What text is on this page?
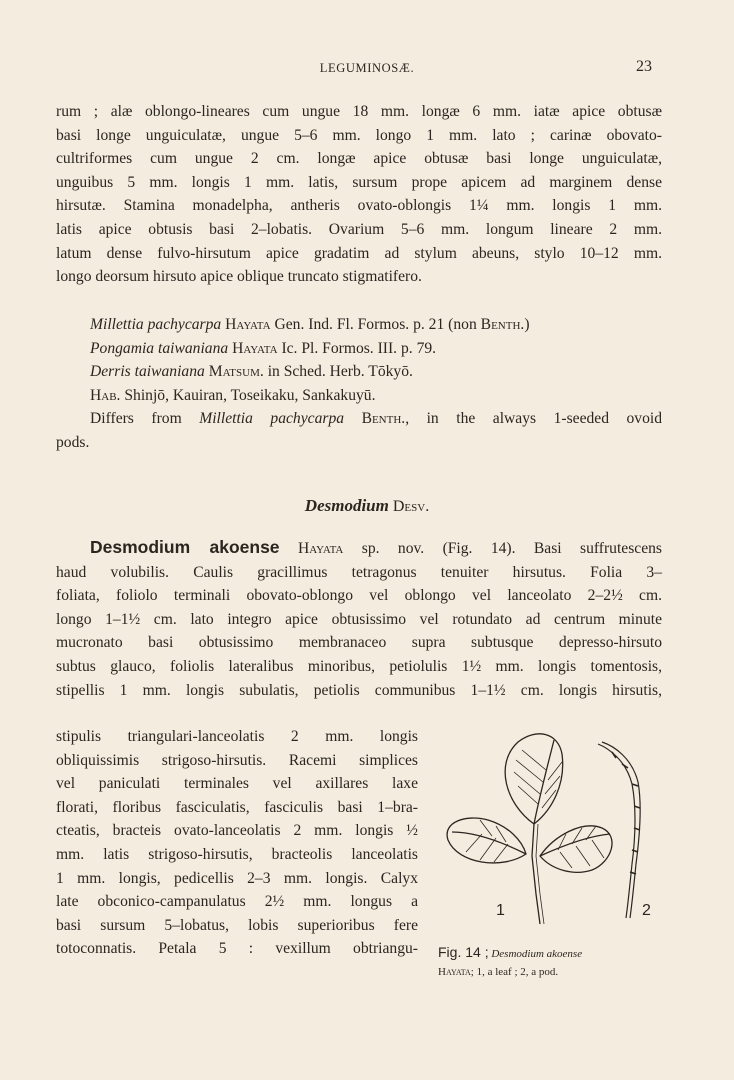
LEGUMINOSÆ.	23
rum ; alæ oblongo-lineares cum ungue 18 mm. longæ 6 mm. iatæ apice obtusæ
basi longe unguiculatæ, ungue 5–6 mm. longo 1 mm. lato ; carinæ obovato-
cultriformes cum ungue 2 cm. longæ apice obtusæ basi longe unguiculatæ,
unguibus 5 mm. longis 1 mm. latis, sursum prope apicem ad marginem dense
hirsutæ. Stamina monadelpha, antheris ovato-oblongis 1¼ mm. longis 1 mm.
latis apice obtusis basi 2–lobatis. Ovarium 5–6 mm. longum lineare 2 mm.
latum dense fulvo-hirsutum apice gradatim ad stylum abeuns, stylo 10–12 mm.
longo deorsum hirsuto apice oblique truncato stigmatifero.
Millettia pachycarpa Hayata Gen. Ind. Fl. Formos. p. 21 (non Benth.)
Pongamia taiwaniana Hayata Ic. Pl. Formos. III. p. 79.
Derris taiwaniana Matsum. in Sched. Herb. Tōkyō.
Hab. Shinjō, Kauiran, Toseikaku, Sankakuyū.
Differs from Millettia pachycarpa Benth., in the always 1-seeded ovoid
pods.
Desmodium Desv.
Desmodium akoense Hayata sp. nov. (Fig. 14). Basi suffrutescens
haud volubilis. Caulis gracillimus tetragonus tenuiter hirsutus. Folia 3–
foliata, foliolo terminali obovato-oblongo vel oblongo vel lanceolato 2–2½ cm.
longo 1–1½ cm. lato integro apice obtusissimo vel rotundato ad centrum minute
mucronato basi obtusissimo membranaceo supra subtusque depresso-hirsuto
subtus glauco, foliolis lateralibus minoribus, petiolulis 1½ mm. longis tomentosis,
stipellis 1 mm. longis subulatis, petiolis communibus 1–1½ cm. longis hirsutis,
stipulis triangulari-lanceolatis 2 mm. longis
obliquissimis strigoso-hirsutis. Racemi simplices
vel paniculati terminales vel axillares laxe
florati, floribus fasciculatis, fasciculis basi 1–bra-
cteatis, bracteis ovato-lanceolatis 2 mm. longis ½
mm. latis strigoso-hirsutis, bracteolis lanceolatis
1 mm. longis, pedicellis 2–3 mm. longis. Calyx
late obconico-campanulatus 2½ mm. longus a
basi sursum 5–lobatus, lobis superioribus fere
totoconnatis. Petala 5 : vexillum obtriangu-
1	2
Fig. 14 ; Desmodium akoense
Hayata; 1, a leaf ; 2, a pod.
